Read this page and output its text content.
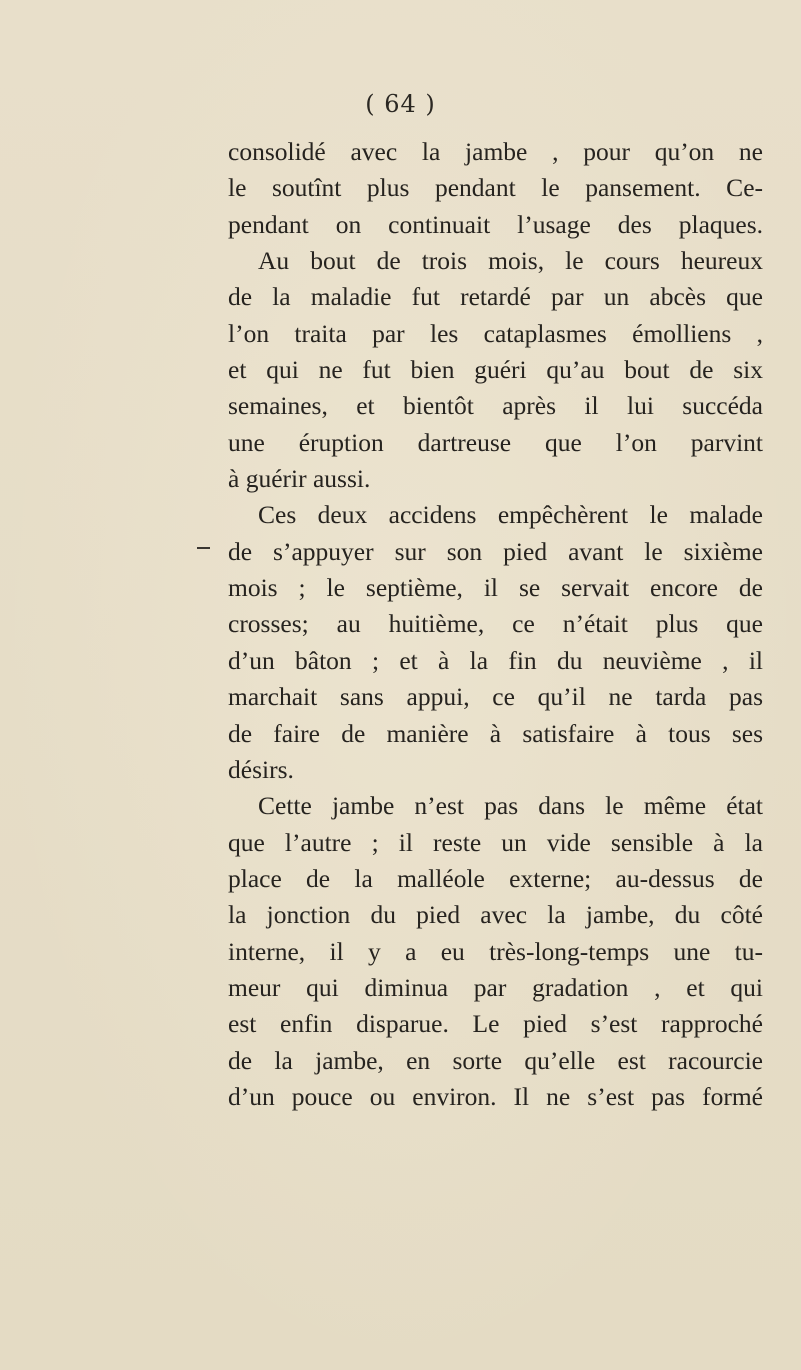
( 64 )
consolidé avec la jambe , pour qu’on ne
le soutînt plus pendant le pansement. Ce-
pendant on continuait l’usage des plaques.
Au bout de trois mois, le cours heureux
de la maladie fut retardé par un abcès que
l’on traita par les cataplasmes émolliens ,
et qui ne fut bien guéri qu’au bout de six
semaines, et bientôt après il lui succéda
une éruption dartreuse que l’on parvint
à guérir aussi.
Ces deux accidens empêchèrent le malade
de s’appuyer sur son pied avant le sixième
mois ; le septième, il se servait encore de
crosses; au huitième, ce n’était plus que
d’un bâton ; et à la fin du neuvième , il
marchait sans appui, ce qu’il ne tarda pas
de faire de manière à satisfaire à tous ses
désirs.
Cette jambe n’est pas dans le même état
que l’autre ; il reste un vide sensible à la
place de la malléole externe; au-dessus de
la jonction du pied avec la jambe, du côté
interne, il y a eu très-long-temps une tu-
meur qui diminua par gradation , et qui
est enfin disparue. Le pied s’est rapproché
de la jambe, en sorte qu’elle est racourcie
d’un pouce ou environ. Il ne s’est pas formé
